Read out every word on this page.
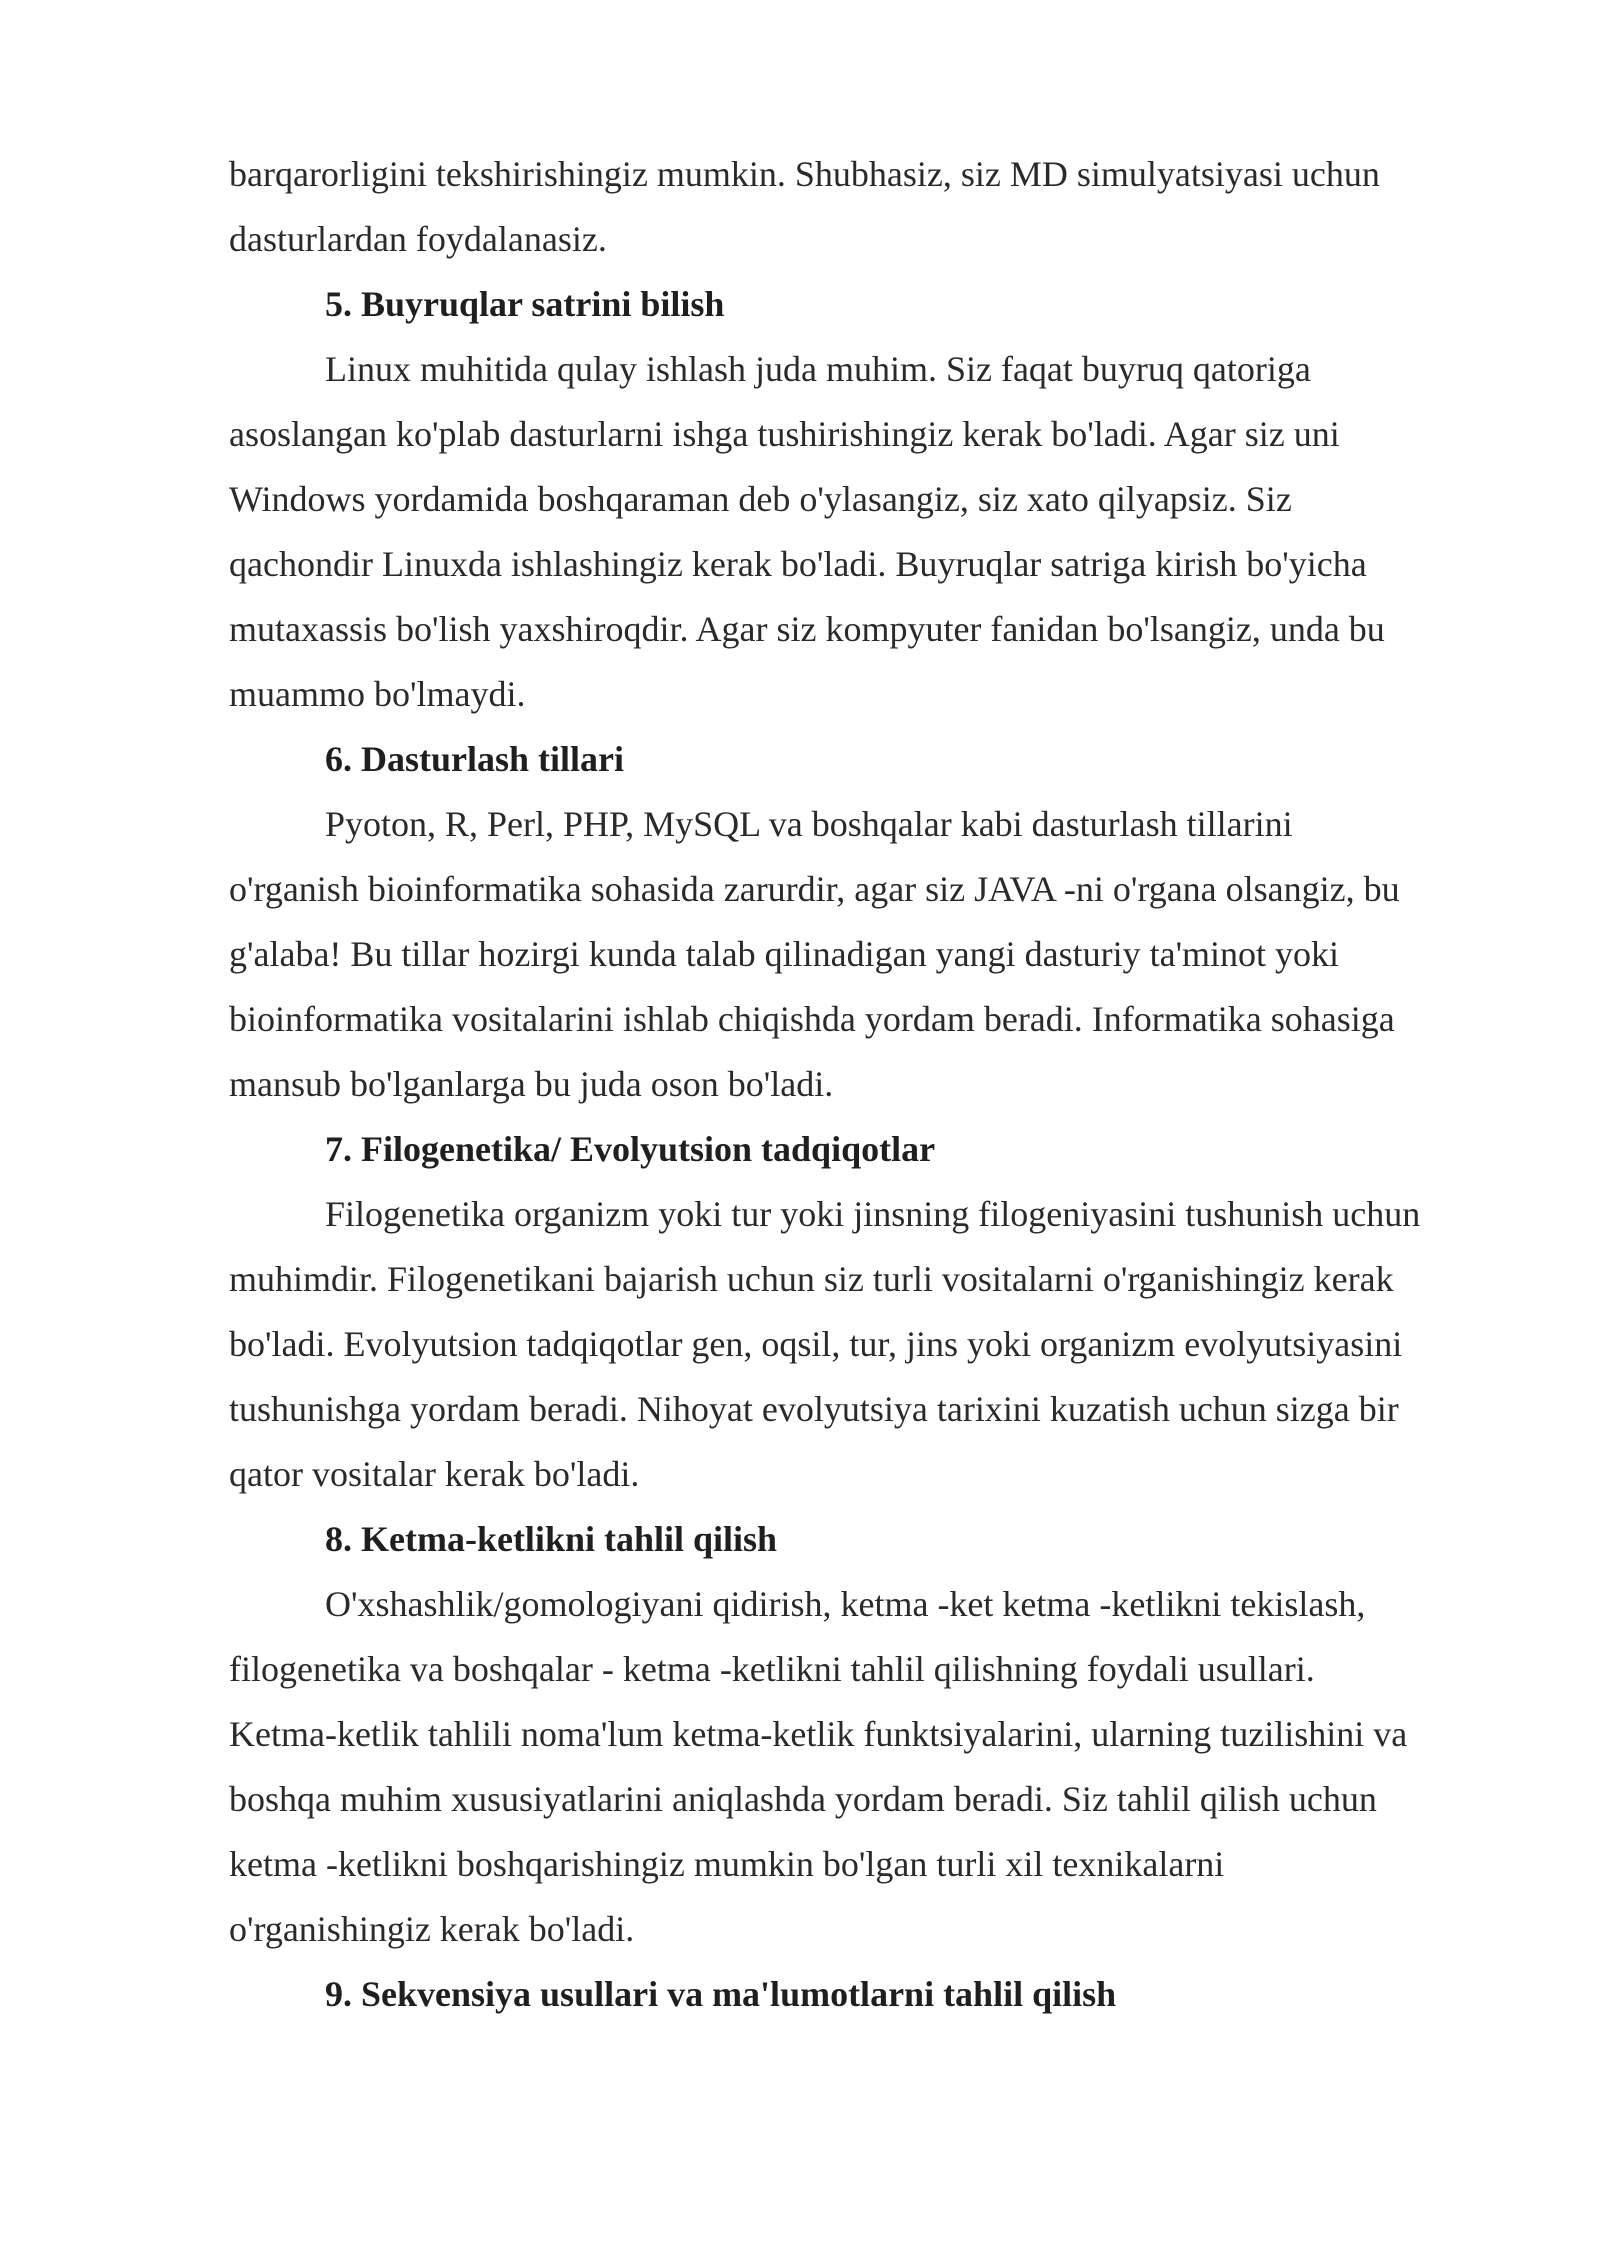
barqarorligini tekshirishingiz mumkin. Shubhasiz, siz MD simulyatsiyasi uchun
dasturlardan foydalanasiz.

5. Buyruqlar satrini bilish

Linux muhitida qulay ishlash juda muhim. Siz faqat buyruq qatoriga
asoslangan ko'plab dasturlarni ishga tushirishingiz kerak bo'ladi. Agar siz uni
Windows yordamida boshqaraman deb o'ylasangiz, siz xato qilyapsiz. Siz
qachondir Linuxda ishlashingiz kerak bo'ladi. Buyruqlar satriga kirish bo'yicha
mutaxassis bo'lish yaxshiroqdir. Agar siz kompyuter fanidan bo'lsangiz, unda bu
muammo bo'lmaydi.

6. Dasturlash tillari

Pyoton, R, Perl, PHP, MySQL va boshqalar kabi dasturlash tillarini
o'rganish bioinformatika sohasida zarurdir, agar siz JAVA -ni o'rgana olsangiz, bu
g'alaba! Bu tillar hozirgi kunda talab qilinadigan yangi dasturiy ta'minot yoki
bioinformatika vositalarini ishlab chiqishda yordam beradi. Informatika sohasiga
mansub bo'lganlarga bu juda oson bo'ladi.

7. Filogenetika/ Evolyutsion tadqiqotlar

Filogenetika organizm yoki tur yoki jinsning filogeniyasini tushunish uchun
muhimdir. Filogenetikani bajarish uchun siz turli vositalarni o'rganishingiz kerak
bo'ladi. Evolyutsion tadqiqotlar gen, oqsil, tur, jins yoki organizm evolyutsiyasini
tushunishga yordam beradi. Nihoyat evolyutsiya tarixini kuzatish uchun sizga bir
qator vositalar kerak bo'ladi.

8. Ketma-ketlikni tahlil qilish

O'xshashlik/gomologiyani qidirish, ketma -ket ketma -ketlikni tekislash,
filogenetika va boshqalar - ketma -ketlikni tahlil qilishning foydali usullari.
Ketma-ketlik tahlili noma'lum ketma-ketlik funktsiyalarini, ularning tuzilishini va
boshqa muhim xususiyatlarini aniqlashda yordam beradi. Siz tahlil qilish uchun
ketma -ketlikni boshqarishingiz mumkin bo'lgan turli xil texnikalarni
o'rganishingiz kerak bo'ladi.

9. Sekvensiya usullari va ma'lumotlarni tahlil qilish
